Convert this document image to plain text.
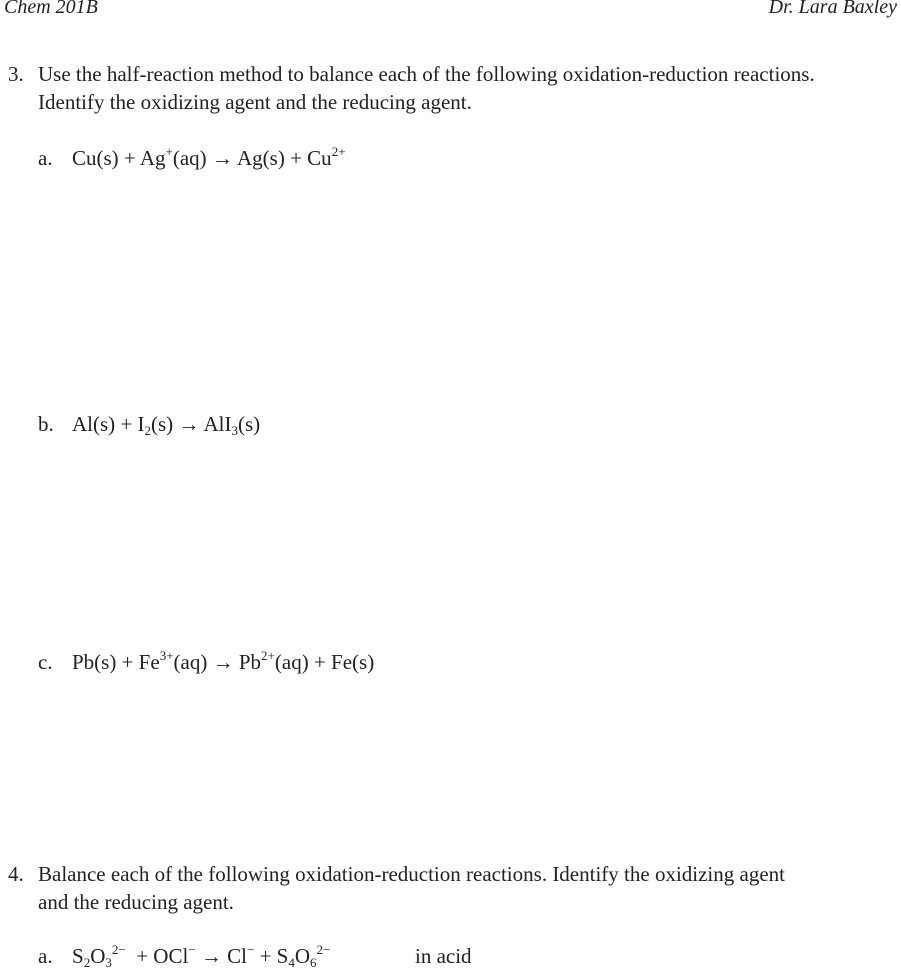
Chem 201B	Dr. Lara Baxley
3. Use the half-reaction method to balance each of the following oxidation-reduction reactions.
Identify the oxidizing agent and the reducing agent.
a. $Cu(s) + Ag^+(aq) \to Ag(s) + Cu^{2+}$
b. $Al(s) + I_2(s) \to AlI_3(s)$
c. $Pb(s) + Fe^{3+}(aq) \to Pb^{2+}(aq) + Fe(s)$
4. Balance each of the following oxidation-reduction reactions. Identify the oxidizing agent
and the reducing agent.
a. $S_2O_3^{2-} + OCl^- \to Cl^- + S_4O_6^{2-}$	in acid
